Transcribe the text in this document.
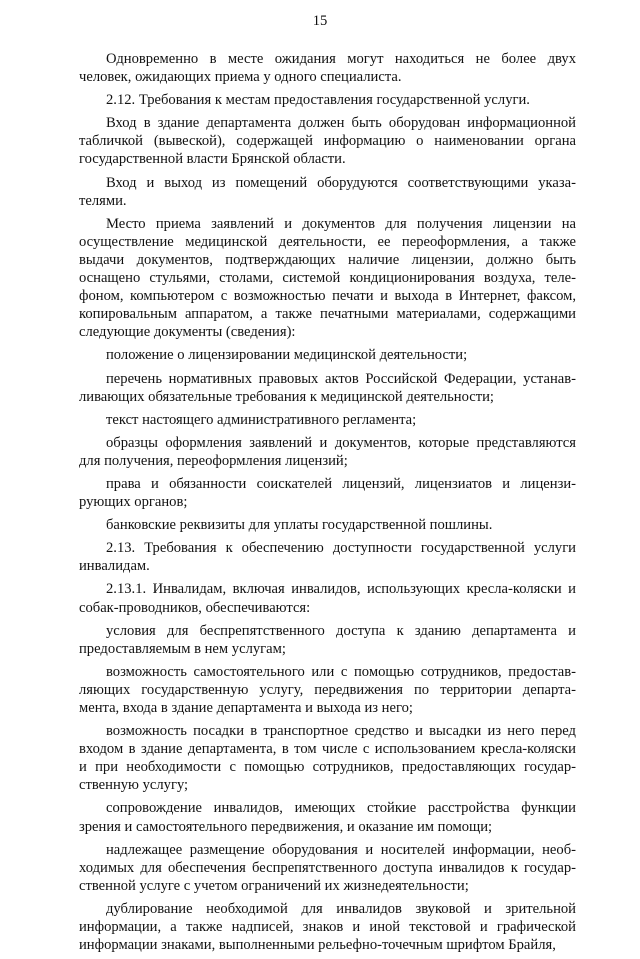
15
Одновременно в месте ожидания могут находиться не более двух
человек, ожидающих приема у одного специалиста.
2.12. Требования к местам предоставления государственной услуги.
Вход в здание департамента должен быть оборудован информационной
табличкой (вывеской), содержащей информацию о наименовании органа
государственной власти Брянской области.
Вход и выход из помещений оборудуются соответствующими указа-
телями.
Место приема заявлений и документов для получения лицензии на
осуществление медицинской деятельности, ее переоформления, а также
выдачи документов, подтверждающих наличие лицензии, должно быть
оснащено стульями, столами, системой кондиционирования воздуха, теле-
фоном, компьютером с возможностью печати и выхода в Интернет, факсом,
копировальным аппаратом, а также печатными материалами, содержащими
следующие документы (сведения):
положение о лицензировании медицинской деятельности;
перечень нормативных правовых актов Российской Федерации, устанав-
ливающих обязательные требования к медицинской деятельности;
текст настоящего административного регламента;
образцы оформления заявлений и документов, которые представляются
для получения, переоформления лицензий;
права и обязанности соискателей лицензий, лицензиатов и лицензи-
рующих органов;
банковские реквизиты для уплаты государственной пошлины.
2.13. Требования к обеспечению доступности государственной услуги
инвалидам.
2.13.1. Инвалидам, включая инвалидов, использующих кресла-коляски и
собак-проводников, обеспечиваются:
условия для беспрепятственного доступа к зданию департамента и
предоставляемым в нем услугам;
возможность самостоятельного или с помощью сотрудников, предостав-
ляющих государственную услугу, передвижения по территории департа-
мента, входа в здание департамента и выхода из него;
возможность посадки в транспортное средство и высадки из него перед
входом в здание департамента, в том числе с использованием кресла-коляски
и при необходимости с помощью сотрудников, предоставляющих государ-
ственную услугу;
сопровождение инвалидов, имеющих стойкие расстройства функции
зрения и самостоятельного передвижения, и оказание им помощи;
надлежащее размещение оборудования и носителей информации, необ-
ходимых для обеспечения беспрепятственного доступа инвалидов к государ-
ственной услуге с учетом ограничений их жизнедеятельности;
дублирование необходимой для инвалидов звуковой и зрительной
информации, а также надписей, знаков и иной текстовой и графической
информации знаками, выполненными рельефно-точечным шрифтом Брайля,
